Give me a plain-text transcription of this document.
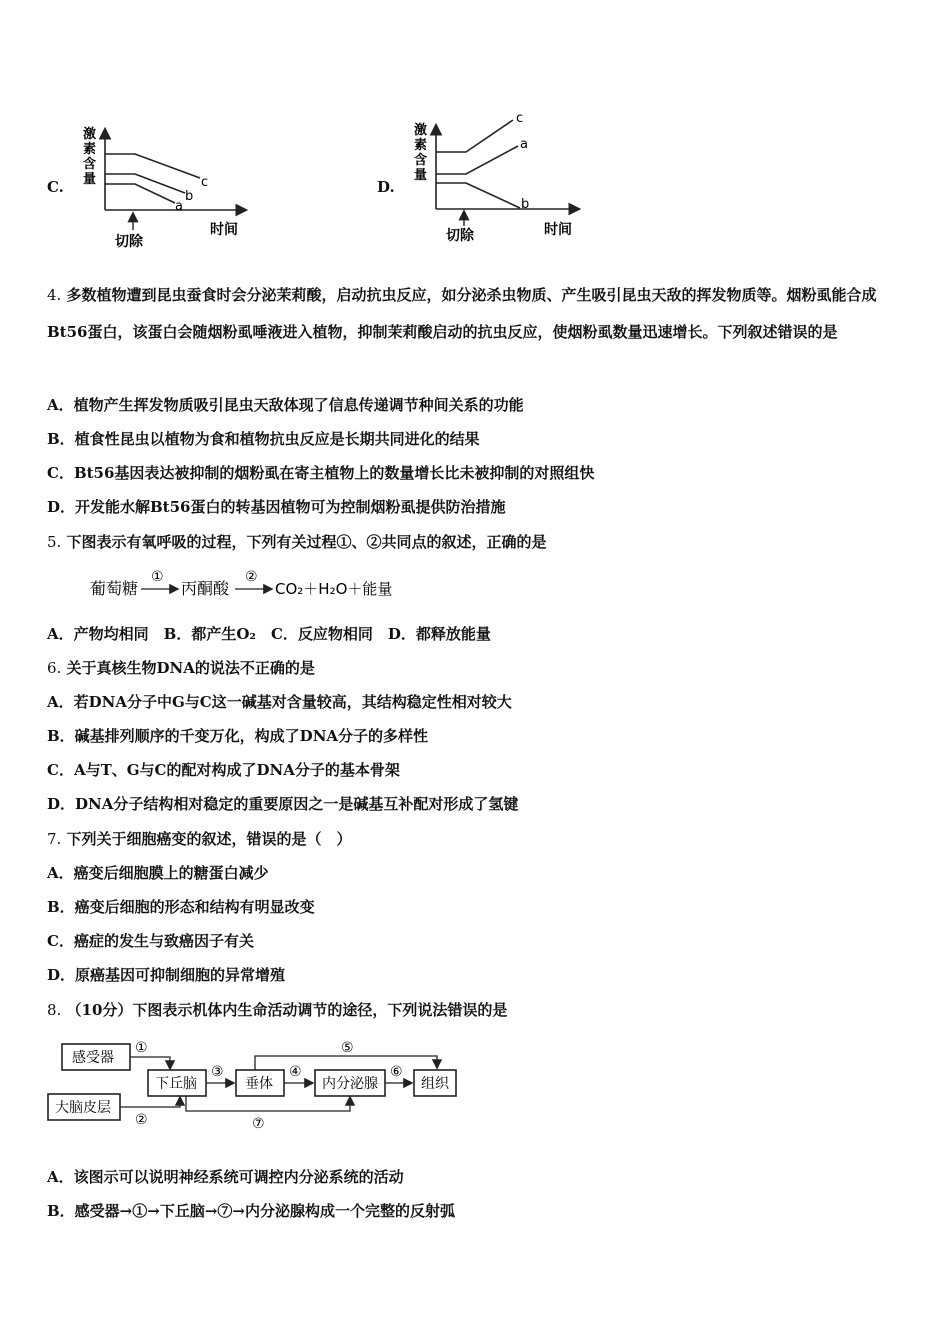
C.
激素含量	c
b
a
切除
时间
D.
激素含量
c
a
b
切除	时间
4. 多数植物遭到昆虫蚕食时会分泌茉莉酸，启动抗虫反应，如分泌杀虫物质、产生吸引昆虫天敌的挥发物质等。烟粉虱能合成Bt56蛋白，该蛋白会随烟粉虱唾液进入植物，抑制茉莉酸启动的抗虫反应，使烟粉虱数量迅速增长。下列叙述错误的是
A．植物产生挥发物质吸引昆虫天敌体现了信息传递调节种间关系的功能
B．植食性昆虫以植物为食和植物抗虫反应是长期共同进化的结果
C．Bt56基因表达被抑制的烟粉虱在寄主植物上的数量增长比未被抑制的对照组快
D．开发能水解Bt56蛋白的转基因植物可为控制烟粉虱提供防治措施
5. 下图表示有氧呼吸的过程，下列有关过程①、②共同点的叙述，正确的是
葡萄糖
①
丙酮酸
②
CO₂＋H₂O＋能量
A．产物均相同　B．都产生O₂　C．反应物相同　D．都释放能量
6. 关于真核生物DNA的说法不正确的是
A．若DNA分子中G与C这一碱基对含量较高，其结构稳定性相对较大
B．碱基排列顺序的千变万化，构成了DNA分子的多样性
C．A与T、G与C的配对构成了DNA分子的基本骨架
D．DNA分子结构相对稳定的重要原因之一是碱基互补配对形成了氢键
7. 下列关于细胞癌变的叙述，错误的是（　）
A．癌变后细胞膜上的糖蛋白减少
B．癌变后细胞的形态和结构有明显改变
C．癌症的发生与致癌因子有关
D．原癌基因可抑制细胞的异常增殖
8. （10分）下图表示机体内生命活动调节的途径，下列说法错误的是
感受器
大脑皮层
下丘脑	垂体	内分泌腺	组织
①
②
③	④
⑤
⑥
⑦
A．该图示可以说明神经系统可调控内分泌系统的活动
B．感受器→①→下丘脑→⑦→内分泌腺构成一个完整的反射弧
